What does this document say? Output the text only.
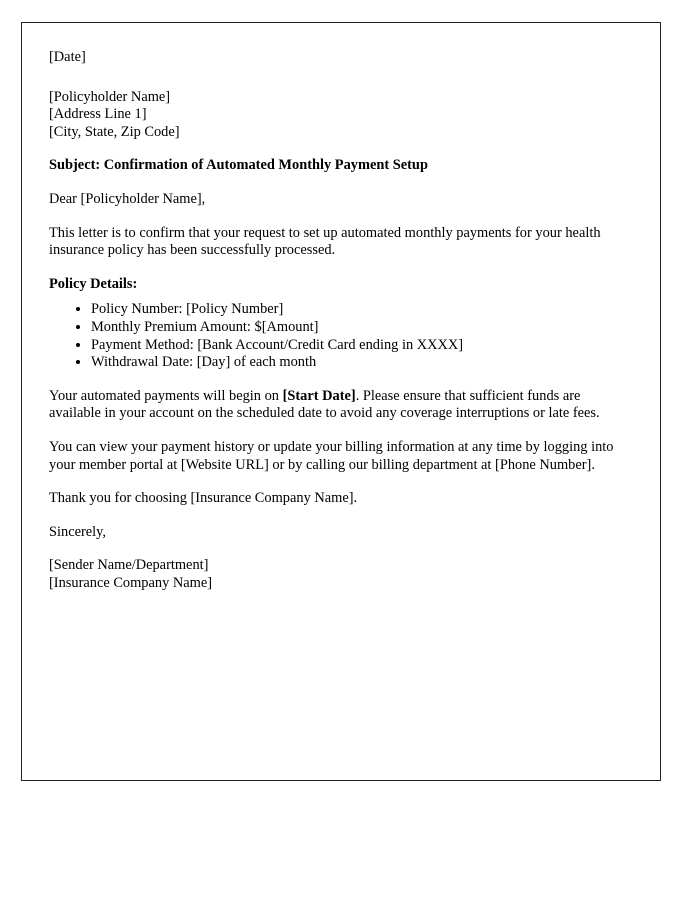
[Date]
[Policyholder Name]
[Address Line 1]
[City, State, Zip Code]
Subject: Confirmation of Automated Monthly Payment Setup
Dear [Policyholder Name],
This letter is to confirm that your request to set up automated monthly payments for your health insurance policy has been successfully processed.
Policy Details:
• Policy Number: [Policy Number]
• Monthly Premium Amount: $[Amount]
• Payment Method: [Bank Account/Credit Card ending in XXXX]
• Withdrawal Date: [Day] of each month
Your automated payments will begin on [Start Date]. Please ensure that sufficient funds are available in your account on the scheduled date to avoid any coverage interruptions or late fees.
You can view your payment history or update your billing information at any time by logging into your member portal at [Website URL] or by calling our billing department at [Phone Number].
Thank you for choosing [Insurance Company Name].
Sincerely,
[Sender Name/Department]
[Insurance Company Name]
